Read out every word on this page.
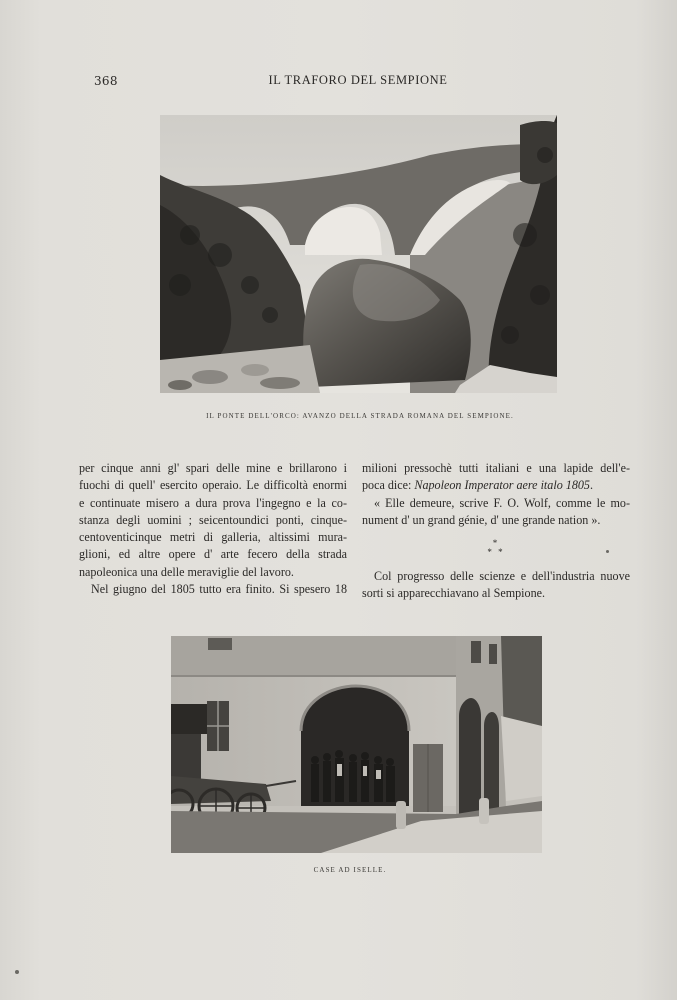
368	IL TRAFORO DEL SEMPIONE
IL PONTE DELL'ORCO: AVANZO DELLA STRADA ROMANA DEL SEMPIONE.
per cinque anni gl' spari delle mine e brillarono i
fuochi di quell' esercito operaio. Le difficoltà enormi
e continuate misero a dura prova l'ingegno e la co-
stanza degli uomini ; seicentoundici ponti, cinque-
centoventicinque metri di galleria, altissimi mura-
glioni, ed altre opere d' arte fecero della strada
napoleonica una delle meraviglie del lavoro.
Nel giugno del 1805 tutto era finito. Si spesero 18
milioni pressochè tutti italiani e una lapide dell'e-
poca dice: Napoleon Imperator aere italo 1805.
« Elle demeure, scrive F. O. Wolf, comme le mo-
nument d' un grand génie, d' une grande nation ».
*
* *
Col progresso delle scienze e dell'industria nuove
sorti si apparecchiavano al Sempione.
CASE AD ISELLE.
